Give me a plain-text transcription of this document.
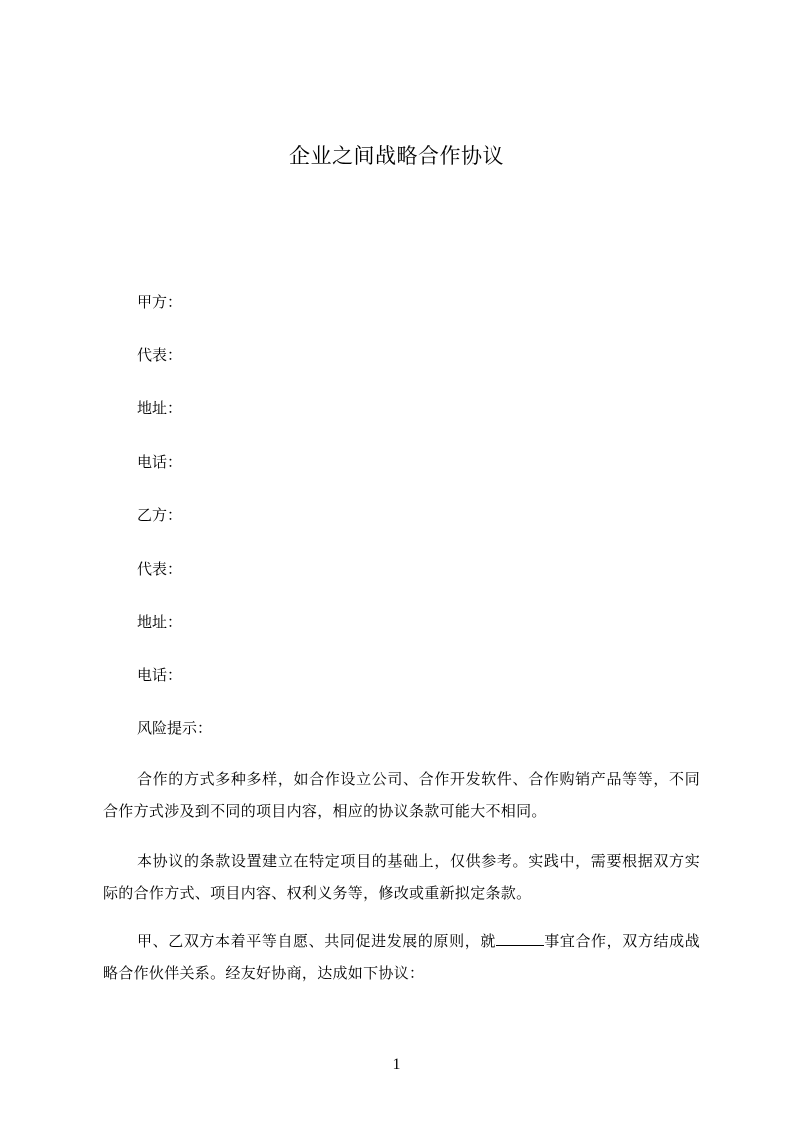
企业之间战略合作协议
甲方：
代表：
地址：
电话：
乙方：
代表：
地址：
电话：
风险提示：
合作的方式多种多样，如合作设立公司、合作开发软件、合作购销产品等等，不同合作方式涉及到不同的项目内容，相应的协议条款可能大不相同。
本协议的条款设置建立在特定项目的基础上，仅供参考。实践中，需要根据双方实际的合作方式、项目内容、权利义务等，修改或重新拟定条款。
甲、乙双方本着平等自愿、共同促进发展的原则，就	事宜合作，双方结成战略合作伙伴关系。经友好协商，达成如下协议：
1
